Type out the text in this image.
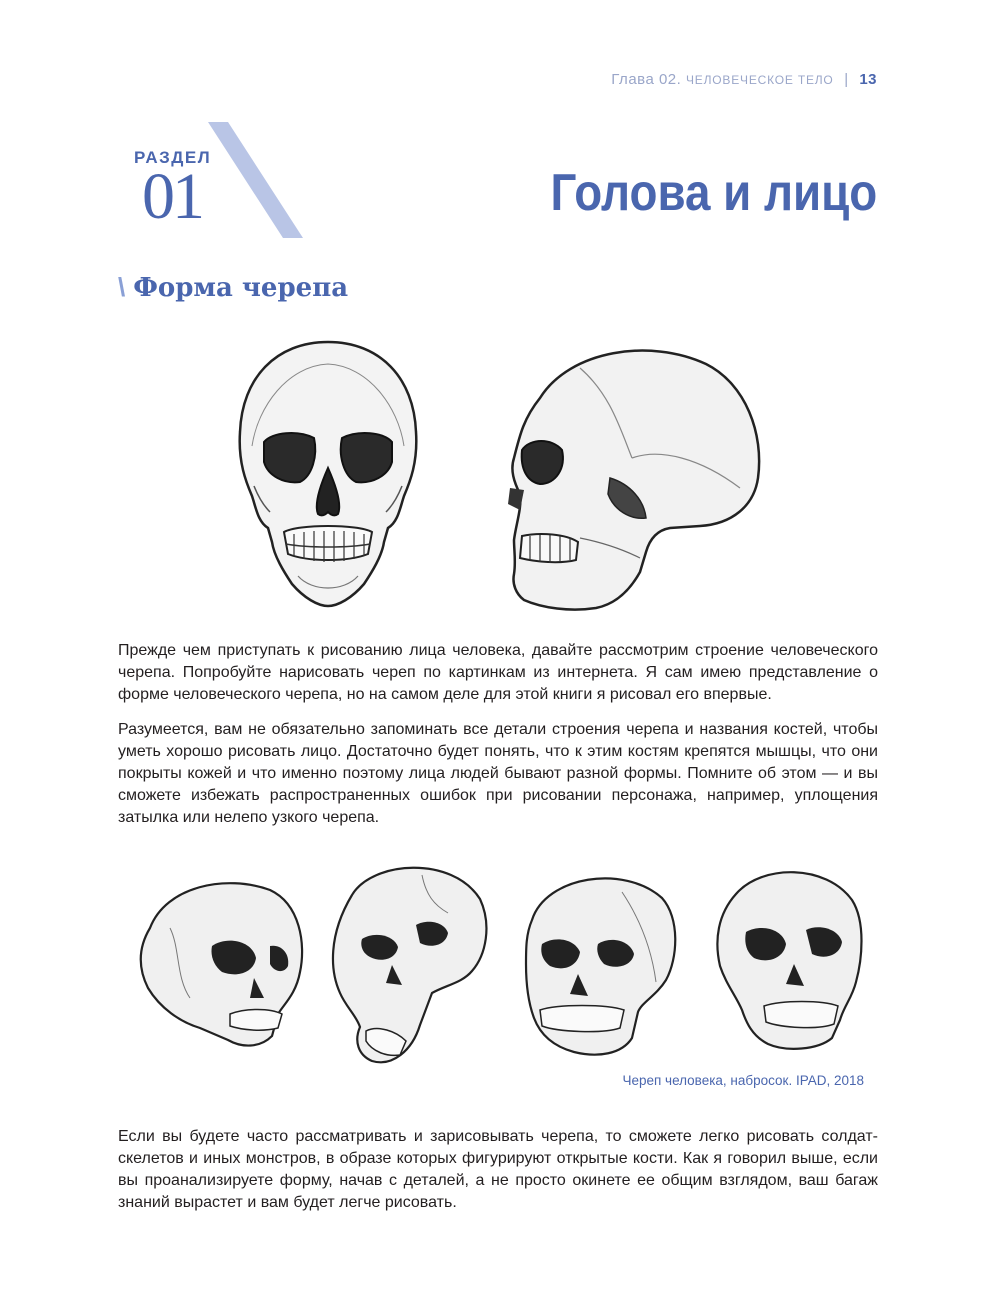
Глава 02. ЧЕЛОВЕЧЕСКОЕ ТЕЛО | 13
РАЗДЕЛ
01	Голова и лицо
\ Форма черепа

Прежде чем приступать к рисованию лица человека, давайте рассмотрим строение человеческого черепа. Попробуйте нарисовать череп по картинкам из интернета. Я сам имею представление о форме человеческого черепа, но на самом деле для этой книги я рисовал его впервые.

Разумеется, вам не обязательно запоминать все детали строения черепа и названия костей, чтобы уметь хорошо рисовать лицо. Достаточно будет понять, что к этим костям крепятся мышцы, что они покрыты кожей и что именно поэтому лица людей бывают разной формы. Помните об этом — и вы сможете избежать распространенных ошибок при рисовании персонажа, например, уплощения затылка или нелепо узкого черепа.

Череп человека, набросок. IPAD, 2018

Если вы будете часто рассматривать и зарисовывать черепа, то сможете легко рисовать солдат-скелетов и иных монстров, в образе которых фигурируют открытые кости. Как я говорил выше, если вы проанализируете форму, начав с деталей, а не просто окинете ее общим взглядом, ваш багаж знаний вырастет и вам будет легче рисовать.
